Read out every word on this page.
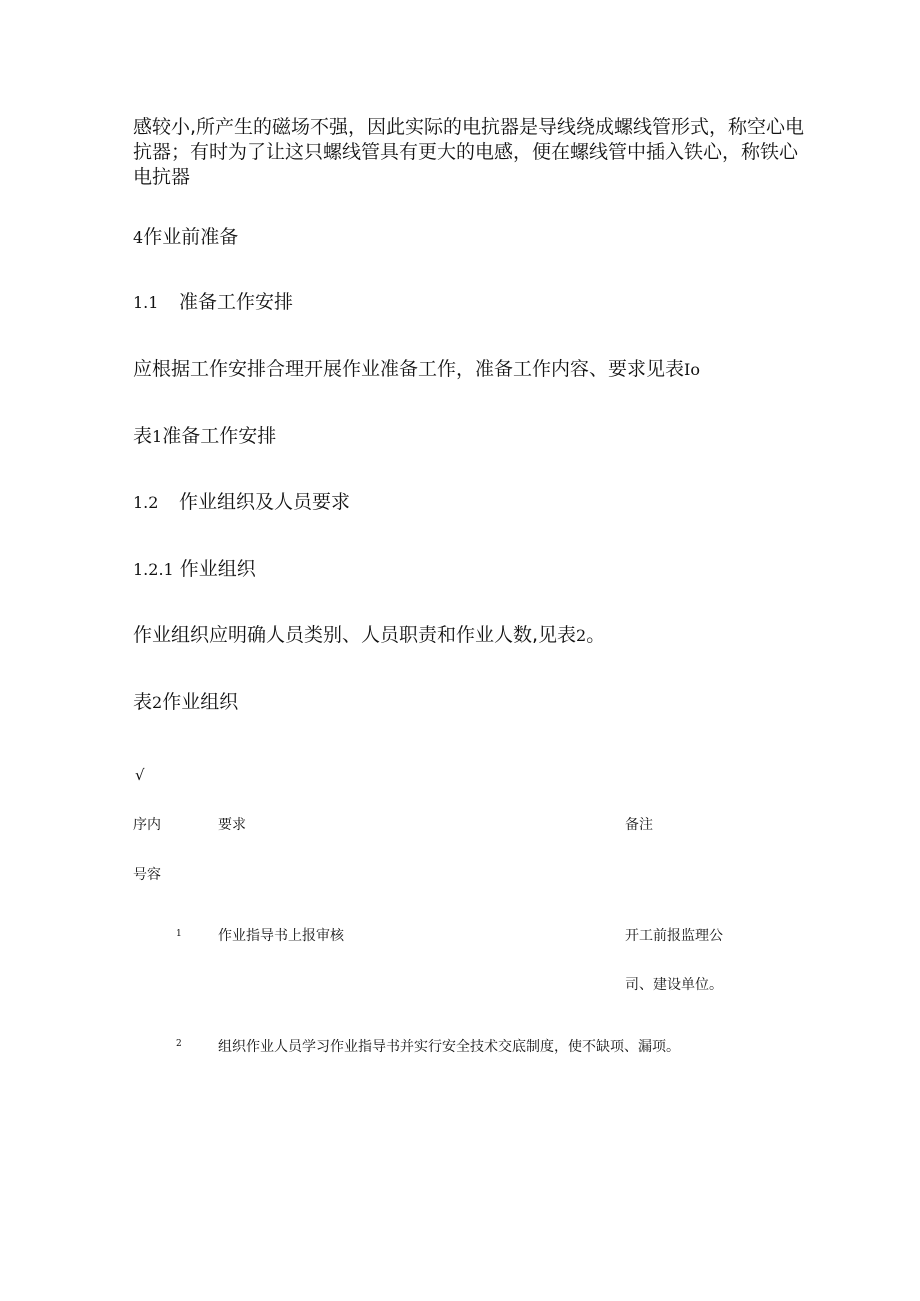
感较小,所产生的磁场不强，因此实际的电抗器是导线绕成螺线管形式，称空心电

抗器；有时为了让这只螺线管具有更大的电感，便在螺线管中插入铁心，称铁心

电抗器

4作业前准备

1.1 准备工作安排

应根据工作安排合理开展作业准备工作，准备工作内容、要求见表Io

表1准备工作安排

1.2 作业组织及人员要求

1.2.1 作业组织

作业组织应明确人员类别、人员职责和作业人数,见表2。

表2作业组织

√
序内	要求	备注
号容
1	作业指导书上报审核	开工前报监理公
司、建设单位。
2	组织作业人员学习作业指导书并实行安全技术交底制度，使不缺项、漏项。
